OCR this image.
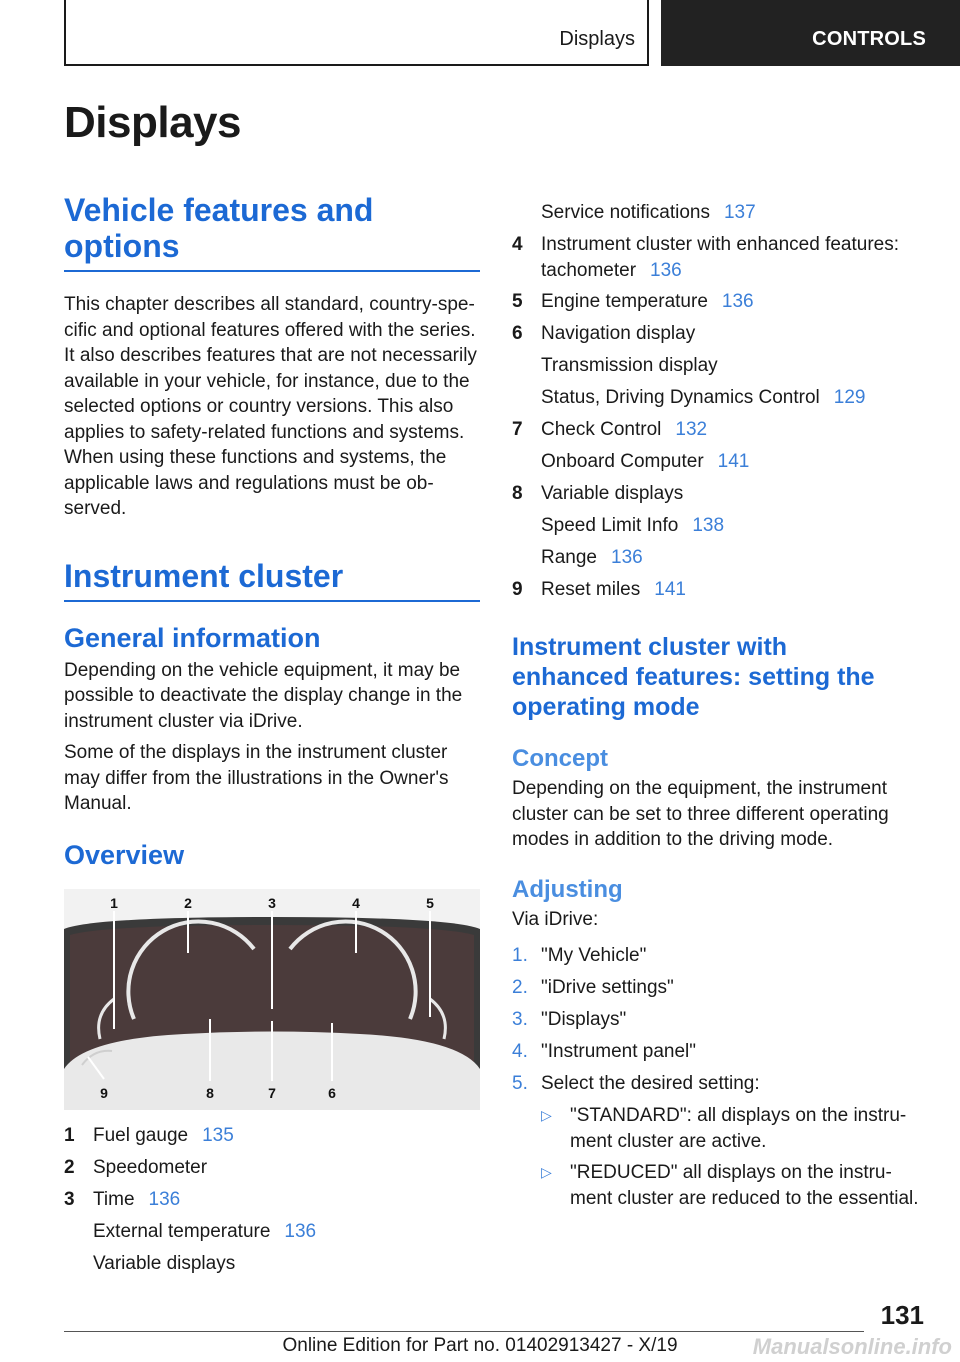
Displays	CONTROLS
Displays
Vehicle features and
options

This chapter describes all standard, country-spe-cific and optional features offered with the series. It also describes features that are not necessarily available in your vehicle, for instance, due to the selected options or country versions. This also applies to safety-related functions and systems. When using these functions and systems, the applicable laws and regulations must be ob-served.

Instrument cluster
General information

Depending on the vehicle equipment, it may be possible to deactivate the display change in the instrument cluster via iDrive.

Some of the displays in the instrument cluster may differ from the illustrations in the Owner's Manual.

Overview
1	2	3	4	5
9	8	7	6
1 Fuel gauge 135
2 Speedometer
3 Time 136
External temperature 136
Variable displays
Service notifications 137
4 Instrument cluster with enhanced features:
tachometer 136
5 Engine temperature 136
6 Navigation display
Transmission display
Status, Driving Dynamics Control 129
7 Check Control 132
Onboard Computer 141
8 Variable displays
Speed Limit Info 138
Range 136
9 Reset miles 141
Instrument cluster with
enhanced features: setting the
operating mode
Concept

Depending on the equipment, the instrument cluster can be set to three different operating modes in addition to the driving mode.

Adjusting

Via iDrive:

1. "My Vehicle"
2. "iDrive settings"
3. "Displays"
4. "Instrument panel"
5. Select the desired setting:
▷ "STANDARD": all displays on the instru-ment cluster are active.
▷ "REDUCED" all displays on the instru-ment cluster are reduced to the essential.
131
Online Edition for Part no. 01402913427 - X/19	Manualsonline.info
